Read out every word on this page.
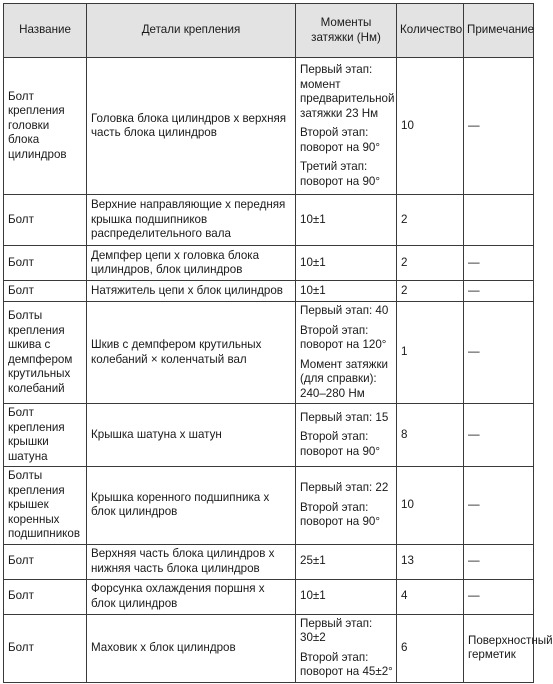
Название	Детали крепления	Моменты затяжки (Нм)	Количество	Примечание
Болт крепления головки блока цилиндров	Головка блока цилиндров х верхняя часть блока цилиндров	Первый этап: момент предварительной затяжки 23 Нм

Второй этап: поворот на 90°

Третий этап: поворот на 90°	10	—
Болт	Верхние направляющие х передняя крышка подшипников распределительного вала	10±1	2	
Болт	Демпфер цепи х головка блока цилиндров, блок цилиндров	10±1	2	—
Болт	Натяжитель цепи х блок цилиндров	10±1	2	—
Болты крепления шкива с демпфером крутильных колебаний	Шкив с демпфером крутильных колебаний × коленчатый вал	Первый этап: 40

Второй этап: поворот на 120°

Момент затяжки (для справки): 240–280 Нм	1	—
Болт крепления крышки шатуна	Крышка шатуна х шатун	Первый этап: 15

Второй этап: поворот на 90°	8	—
Болты крепления крышек коренных подшипников	Крышка коренного подшипника х блок цилиндров	Первый этап: 22

Второй этап: поворот на 90°	10	—
Болт	Верхняя часть блока цилиндров х нижняя часть блока цилиндров	25±1	13	—
Болт	Форсунка охлаждения поршня х блок цилиндров	10±1	4	—
Болт	Маховик х блок цилиндров	Первый этап: 30±2

Второй этап: поворот на 45±2°	6	Поверхностный герметик
